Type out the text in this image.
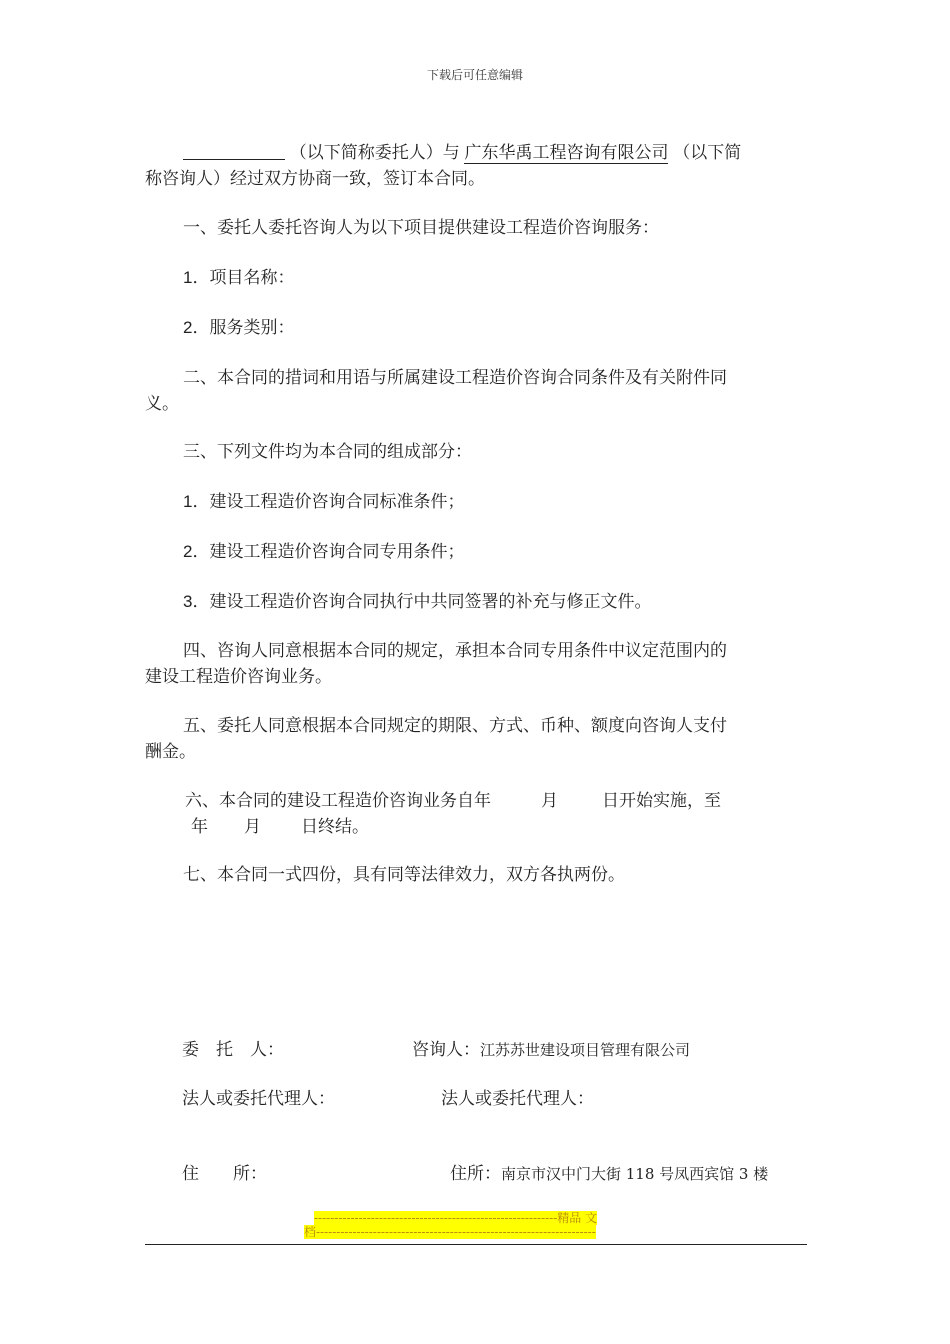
下载后可任意编辑

（以下简称委托人）与 广东华禹工程咨询有限公司 （以下简
称咨询人）经过双方协商一致，签订本合同。

一、委托人委托咨询人为以下项目提供建设工程造价咨询服务：

1．项目名称：

2．服务类别：

二、本合同的措词和用语与所属建设工程造价咨询合同条件及有关附件同
义。

三、下列文件均为本合同的组成部分：

1．建设工程造价咨询合同标准条件；

2．建设工程造价咨询合同专用条件；

3．建设工程造价咨询合同执行中共同签署的补充与修正文件。

四、咨询人同意根据本合同的规定，承担本合同专用条件中议定范围内的
建设工程造价咨询业务。

五、委托人同意根据本合同规定的期限、方式、币种、额度向咨询人支付
酬金。

六、本合同的建设工程造价咨询业务自年	月	日开始实施，至
年 月 日终结。

七、本合同一式四份，具有同等法律效力，双方各执两份。

委　托　人：	咨询人：江苏苏世建设项目管理有限公司
法人或委托代理人：	法人或委托代理人：
住　　所：	住所：南京市汉中门大街 118 号凤西宾馆 3 楼
------------------------------------------------------------精品 文
档---------------------------------------------------------------------
